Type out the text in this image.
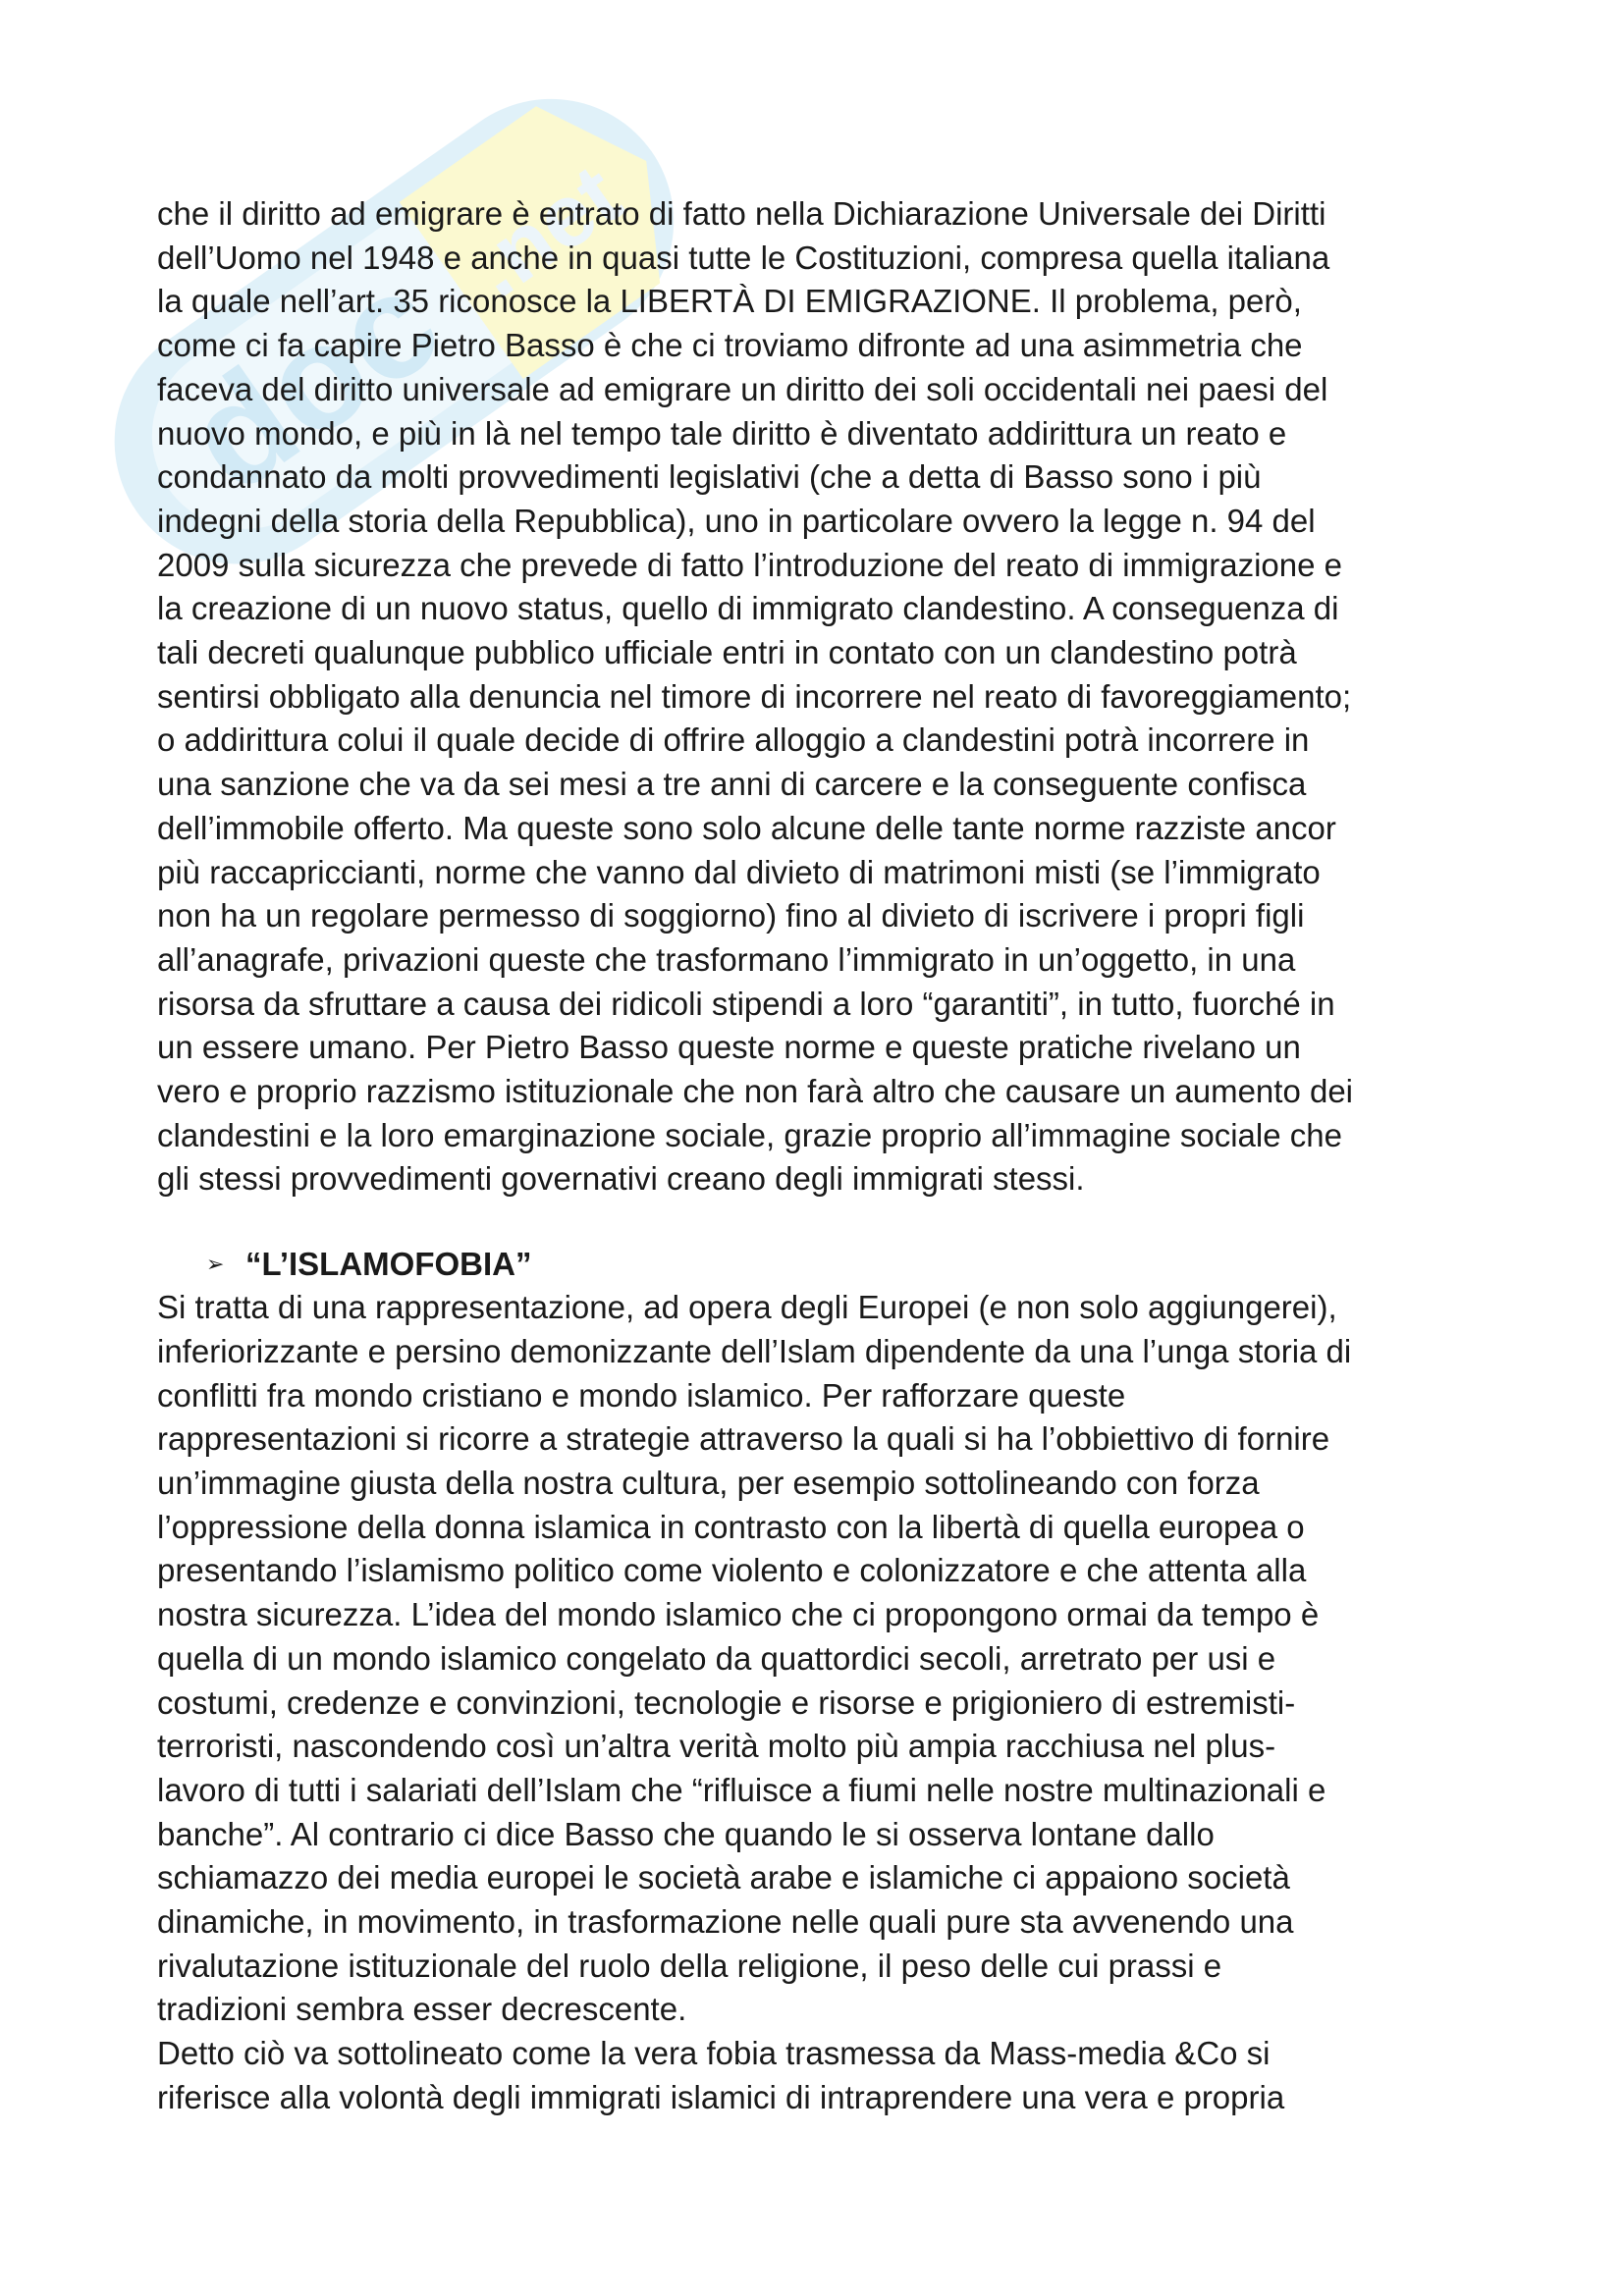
doc
.net

che il diritto ad emigrare è entrato di fatto nella Dichiarazione Universale dei Diritti
dell’Uomo nel 1948 e anche in quasi tutte le Costituzioni, compresa quella italiana
la quale nell’art. 35 riconosce la LIBERTÀ DI EMIGRAZIONE. Il problema, però,
come ci fa capire Pietro Basso è che ci troviamo difronte ad una asimmetria che
faceva del diritto universale ad emigrare un diritto dei soli occidentali nei paesi del
nuovo mondo, e più in là nel tempo tale diritto è diventato addirittura un reato e
condannato da molti provvedimenti legislativi (che a detta di Basso sono i più
indegni della storia della Repubblica), uno in particolare ovvero la legge n. 94 del
2009 sulla sicurezza che prevede di fatto l’introduzione del reato di immigrazione e
la creazione di un nuovo status, quello di immigrato clandestino. A conseguenza di
tali decreti qualunque pubblico ufficiale entri in contato con un clandestino potrà
sentirsi obbligato alla denuncia nel timore di incorrere nel reato di favoreggiamento;
o addirittura colui il quale decide di offrire alloggio a clandestini potrà incorrere in
una sanzione che va da sei mesi a tre anni di carcere e la conseguente confisca
dell’immobile offerto. Ma queste sono solo alcune delle tante norme razziste ancor
più raccapriccianti, norme che vanno dal divieto di matrimoni misti (se l’immigrato
non ha un regolare permesso di soggiorno) fino al divieto di iscrivere i propri figli
all’anagrafe, privazioni queste che trasformano l’immigrato in un’oggetto, in una
risorsa da sfruttare a causa dei ridicoli stipendi a loro “garantiti”, in tutto, fuorché in
un essere umano. Per Pietro Basso queste norme e queste pratiche rivelano un
vero e proprio razzismo istituzionale che non farà altro che causare un aumento dei
clandestini e la loro emarginazione sociale, grazie proprio all’immagine sociale che
gli stessi provvedimenti governativi creano degli immigrati stessi.

➢ “L’ISLAMOFOBIA”

Si tratta di una rappresentazione, ad opera degli Europei (e non solo aggiungerei),
inferiorizzante e persino demonizzante dell’Islam dipendente da una l’unga storia di
conflitti fra mondo cristiano e mondo islamico. Per rafforzare queste
rappresentazioni si ricorre a strategie attraverso la quali si ha l’obbiettivo di fornire
un’immagine giusta della nostra cultura, per esempio sottolineando con forza
l’oppressione della donna islamica in contrasto con la libertà di quella europea o
presentando l’islamismo politico come violento e colonizzatore e che attenta alla
nostra sicurezza. L’idea del mondo islamico che ci propongono ormai da tempo è
quella di un mondo islamico congelato da quattordici secoli, arretrato per usi e
costumi, credenze e convinzioni, tecnologie e risorse e prigioniero di estremisti-
terroristi, nascondendo così un’altra verità molto più ampia racchiusa nel plus-
lavoro di tutti i salariati dell’Islam che “rifluisce a fiumi nelle nostre multinazionali e
banche”. Al contrario ci dice Basso che quando le si osserva lontane dallo
schiamazzo dei media europei le società arabe e islamiche ci appaiono società
dinamiche, in movimento, in trasformazione nelle quali pure sta avvenendo una
rivalutazione istituzionale del ruolo della religione, il peso delle cui prassi e
tradizioni sembra esser decrescente.
Detto ciò va sottolineato come la vera fobia trasmessa da Mass-media &Co si
riferisce alla volontà degli immigrati islamici di intraprendere una vera e propria
